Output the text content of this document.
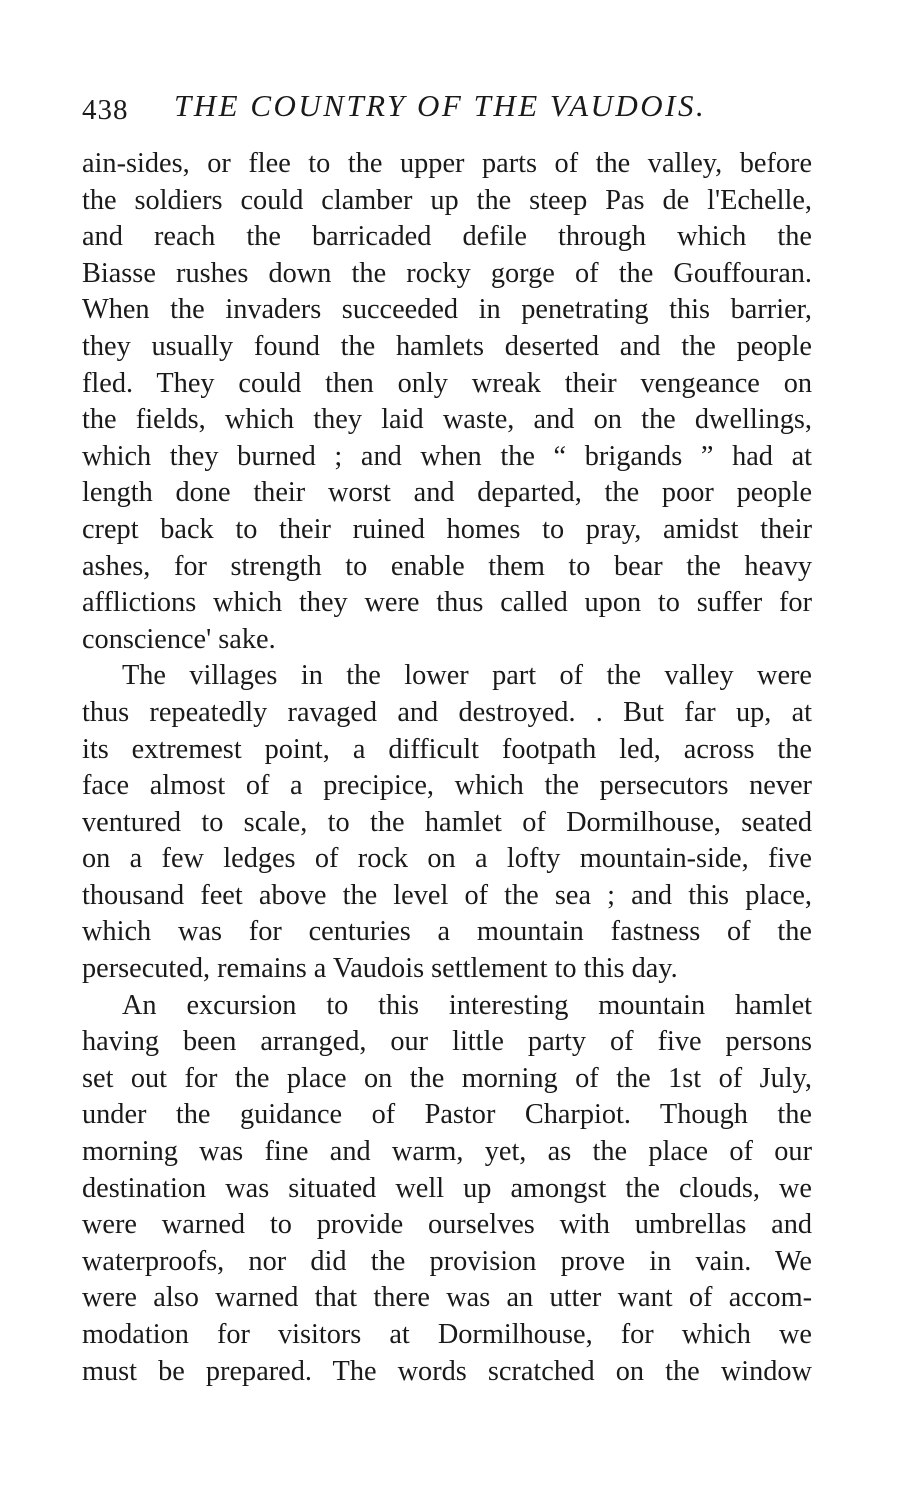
438 THE COUNTRY OF THE VAUDOIS.
ain-sides, or flee to the upper parts of the valley, before
the soldiers could clamber up the steep Pas de l'Echelle,
and reach the barricaded defile through which the
Biasse rushes down the rocky gorge of the Gouffouran.
When the invaders succeeded in penetrating this barrier,
they usually found the hamlets deserted and the people
fled. They could then only wreak their vengeance on
the fields, which they laid waste, and on the dwellings,
which they burned ; and when the “ brigands ” had at
length done their worst and departed, the poor people
crept back to their ruined homes to pray, amidst their
ashes, for strength to enable them to bear the heavy
afflictions which they were thus called upon to suffer for
conscience' sake.
The villages in the lower part of the valley were
thus repeatedly ravaged and destroyed. . But far up, at
its extremest point, a difficult footpath led, across the
face almost of a precipice, which the persecutors never
ventured to scale, to the hamlet of Dormilhouse, seated
on a few ledges of rock on a lofty mountain-side, five
thousand feet above the level of the sea ; and this place,
which was for centuries a mountain fastness of the
persecuted, remains a Vaudois settlement to this day.
An excursion to this interesting mountain hamlet
having been arranged, our little party of five persons
set out for the place on the morning of the 1st of July,
under the guidance of Pastor Charpiot. Though the
morning was fine and warm, yet, as the place of our
destination was situated well up amongst the clouds, we
were warned to provide ourselves with umbrellas and
waterproofs, nor did the provision prove in vain. We
were also warned that there was an utter want of accom-
modation for visitors at Dormilhouse, for which we
must be prepared. The words scratched on the window
